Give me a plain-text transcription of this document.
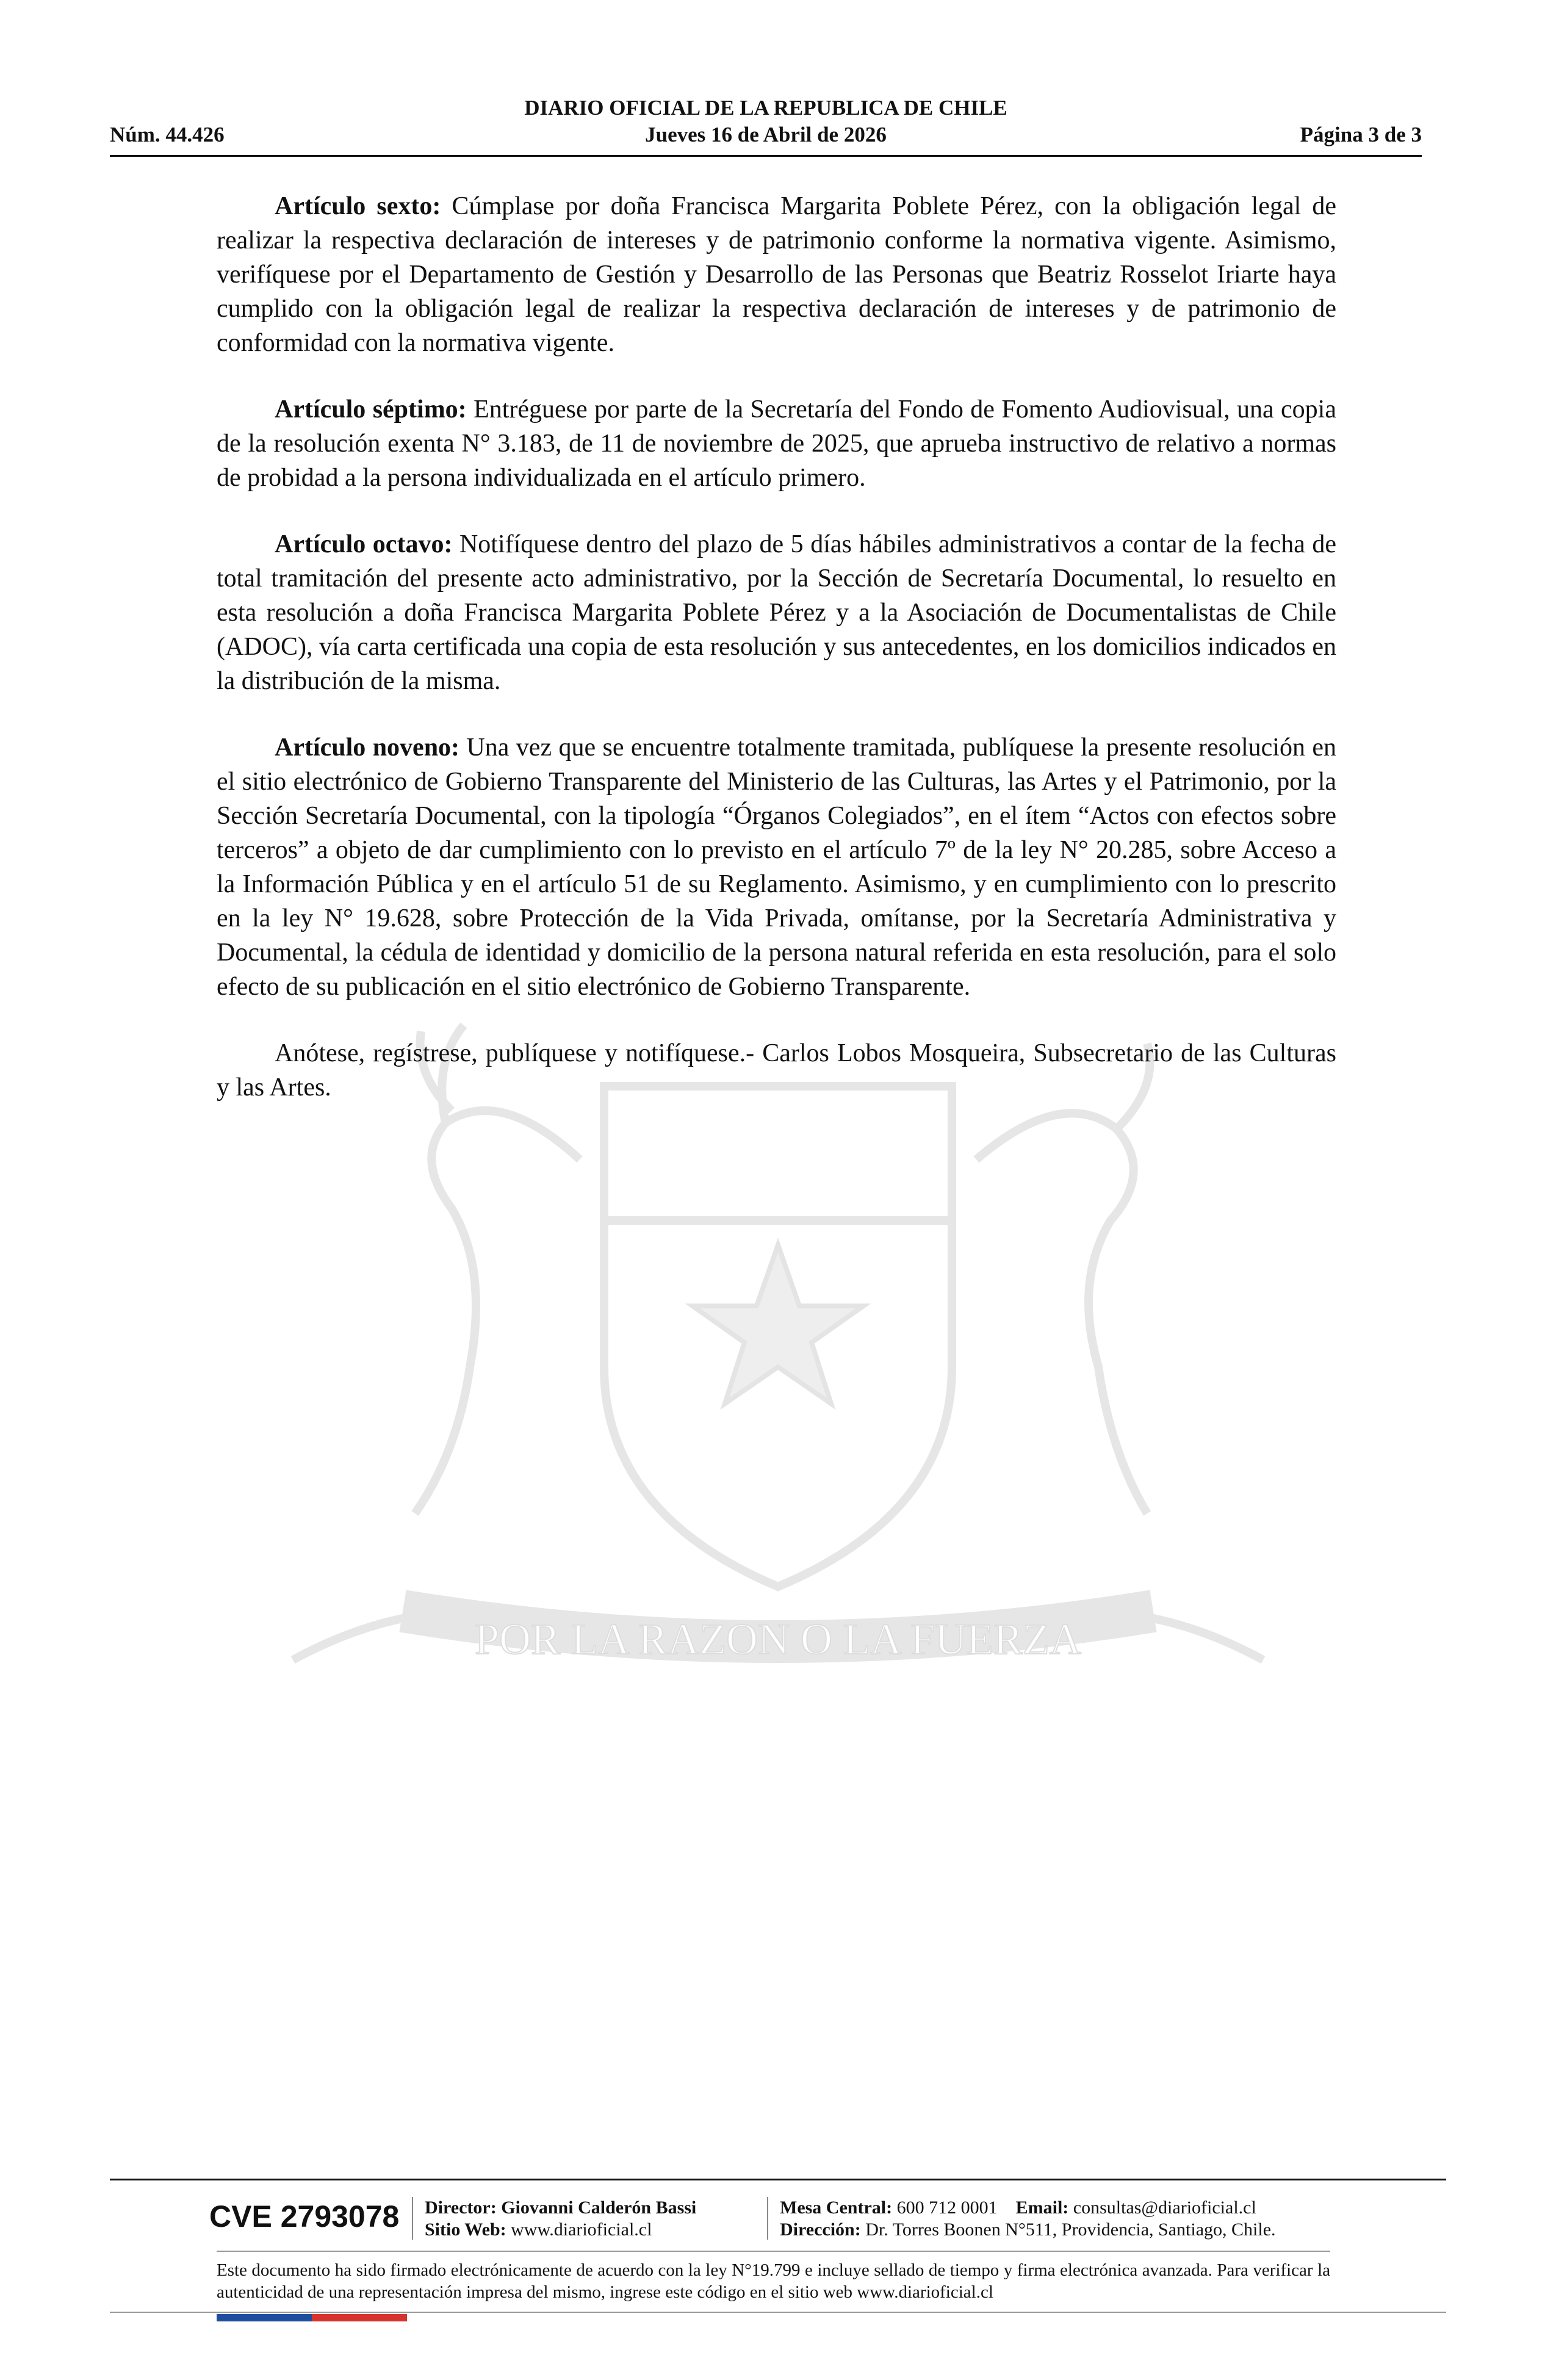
DIARIO OFICIAL DE LA REPUBLICA DE CHILE
Jueves 16 de Abril de 2026
Núm. 44.426	Página 3 de 3
POR LA RAZON O LA FUERZA

Artículo sexto: Cúmplase por doña Francisca Margarita Poblete Pérez, con la obligación legal de realizar la respectiva declaración de intereses y de patrimonio conforme la normativa vigente. Asimismo, verifíquese por el Departamento de Gestión y Desarrollo de las Personas que Beatriz Rosselot Iriarte haya cumplido con la obligación legal de realizar la respectiva declaración de intereses y de patrimonio de conformidad con la normativa vigente.

Artículo séptimo: Entréguese por parte de la Secretaría del Fondo de Fomento Audiovisual, una copia de la resolución exenta N° 3.183, de 11 de noviembre de 2025, que aprueba instructivo de relativo a normas de probidad a la persona individualizada en el artículo primero.

Artículo octavo: Notifíquese dentro del plazo de 5 días hábiles administrativos a contar de la fecha de total tramitación del presente acto administrativo, por la Sección de Secretaría Documental, lo resuelto en esta resolución a doña Francisca Margarita Poblete Pérez y a la Asociación de Documentalistas de Chile (ADOC), vía carta certificada una copia de esta resolución y sus antecedentes, en los domicilios indicados en la distribución de la misma.

Artículo noveno: Una vez que se encuentre totalmente tramitada, publíquese la presente resolución en el sitio electrónico de Gobierno Transparente del Ministerio de las Culturas, las Artes y el Patrimonio, por la Sección Secretaría Documental, con la tipología “Órganos Colegiados”, en el ítem “Actos con efectos sobre terceros” a objeto de dar cumplimiento con lo previsto en el artículo 7º de la ley N° 20.285, sobre Acceso a la Información Pública y en el artículo 51 de su Reglamento. Asimismo, y en cumplimiento con lo prescrito en la ley N° 19.628, sobre Protección de la Vida Privada, omítanse, por la Secretaría Administrativa y Documental, la cédula de identidad y domicilio de la persona natural referida en esta resolución, para el solo efecto de su publicación en el sitio electrónico de Gobierno Transparente.

Anótese, regístrese, publíquese y notifíquese.- Carlos Lobos Mosqueira, Subsecretario de las Culturas y las Artes.

CVE 2793078 Director: Giovanni Calderón Bassi
Sitio Web: www.diarioficial.cl
Mesa Central: 600 712 0001 Email: consultas@diarioficial.cl
Dirección: Dr. Torres Boonen N°511, Providencia, Santiago, Chile.
Este documento ha sido firmado electrónicamente de acuerdo con la ley N°19.799 e incluye sellado de tiempo y firma electrónica avanzada. Para verificar la autenticidad de una representación impresa del mismo, ingrese este código en el sitio web www.diarioficial.cl
